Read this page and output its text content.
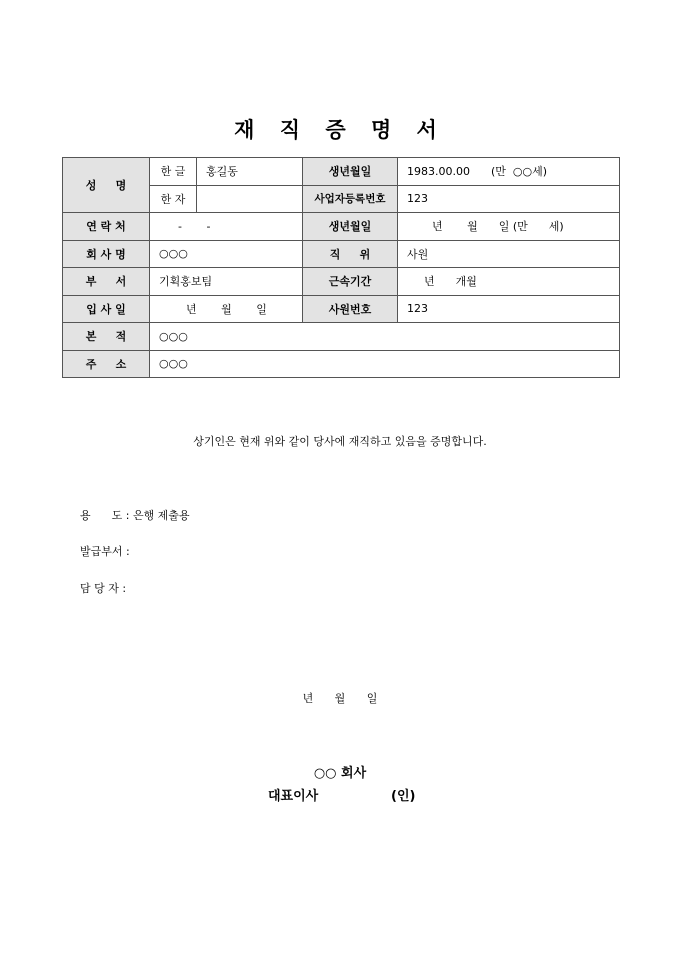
재 직 증 명 서
성     명	한 글	홍길동	생년월일	1983.00.00      (만  ○○세)
	한 자		사업자등록번호	123
연 락 처	-       -		생년월일	년       월      일 (만      세)
회 사 명	○○○		직     위	사원
부     서	기획홍보팀		근속기간	년      개월
입 사 일	년       월       일		사원번호	123
본     적	○○○			
주     소	○○○			
상기인은 현재 위와 같이 당사에 재직하고 있음을 증명합니다.
용      도 : 은행 제출용
발급부서 :
담 당 자 :
년 월 일
○○ 회사
대표이사	(인)
